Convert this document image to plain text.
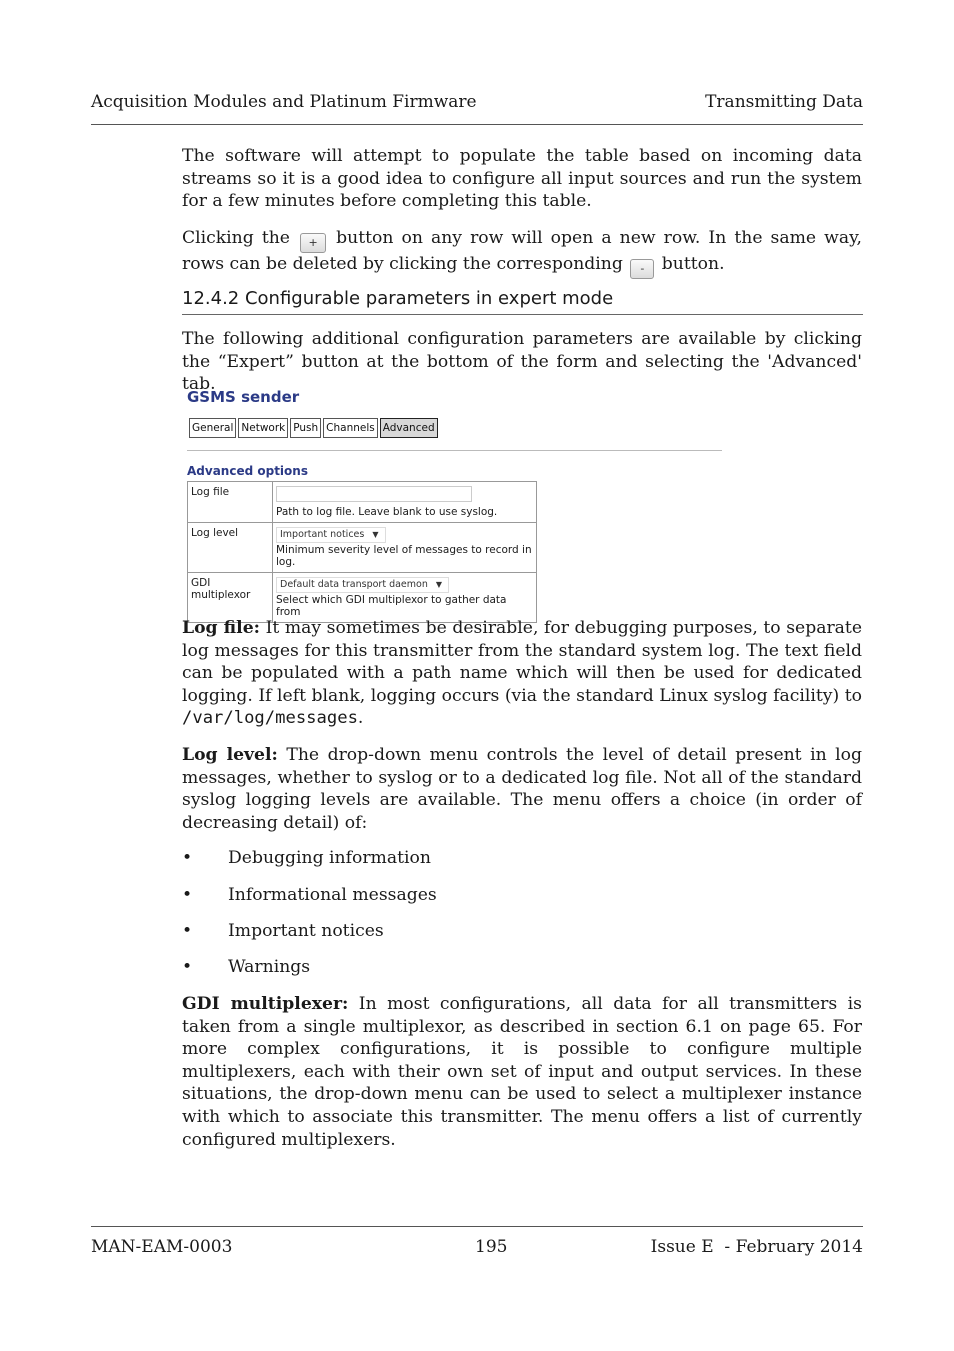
Acquisition Modules and Platinum Firmware	Transmitting Data

The software will attempt to populate the table based on incoming data streams so it is a good idea to configure all input sources and run the system for a few minutes before completing this table.

Clicking the + button on any row will open a new row. In the same way, rows can be deleted by clicking the corresponding - button.

12.4.2 Configurable parameters in expert mode

The following additional configuration parameters are available by clicking the “Expert” button at the bottom of the form and selecting the 'Advanced' tab.

GSMS sender
General Network Push Channels Advanced
Advanced options
Log file	Path to log file. Leave blank to use syslog.

Log level	Important notices ▼
Minimum severity level of messages to record in log.

GDI multiplexor	Default data transport daemon ▼
Select which GDI multiplexor to gather data from

Log file: It may sometimes be desirable, for debugging purposes, to separate log messages for this transmitter from the standard system log. The text field can be populated with a path name which will then be used for dedicated logging. If left blank, logging occurs (via the standard Linux syslog facility) to /var/log/messages.

Log level: The drop-down menu controls the level of detail present in log messages, whether to syslog or to a dedicated log file. Not all of the standard syslog logging levels are available. The menu offers a choice (in order of decreasing detail) of:

• Debugging information
• Informational messages
• Important notices
• Warnings

GDI multiplexer: In most configurations, all data for all transmitters is taken from a single multiplexor, as described in section 6.1 on page 65. For more complex configurations, it is possible to configure multiple multiplexers, each with their own set of input and output services. In these situations, the drop-down menu can be used to select a multiplexer instance with which to associate this transmitter. The menu offers a list of currently configured multiplexers.

MAN-EAM-0003	195	Issue E  - February 2014
